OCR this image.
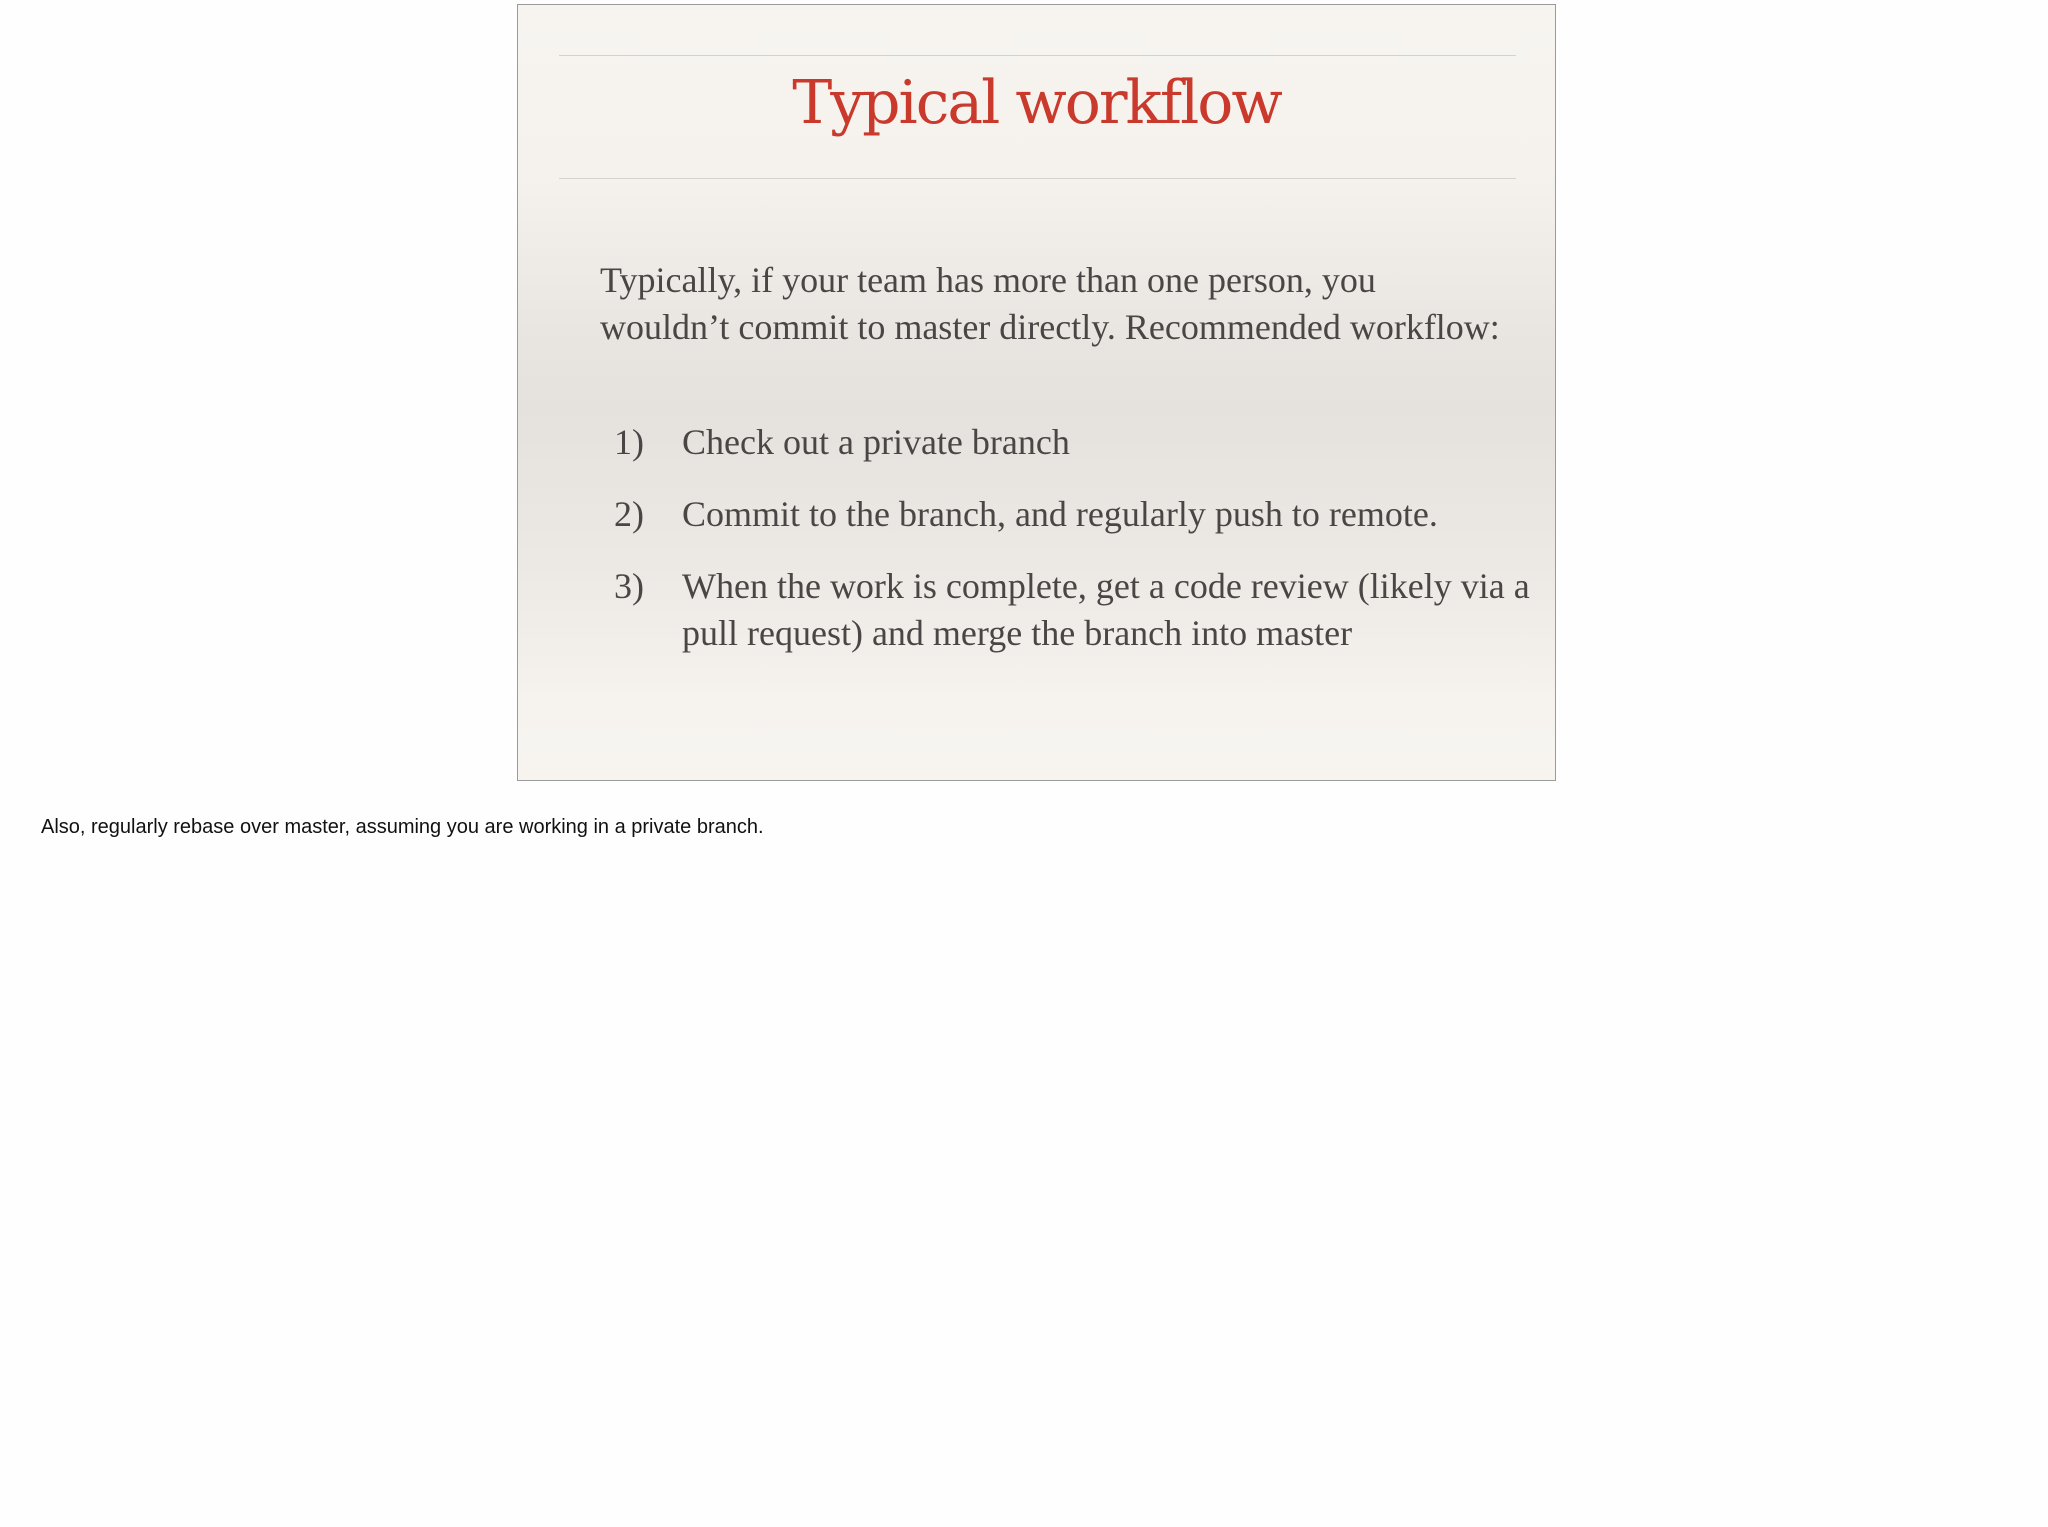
Typical workflow
Typically, if your team has more than one person, you wouldn’t commit to master directly. Recommended workflow:
1)	Check out a private branch
2)	Commit to the branch, and regularly push to remote.
3)	When the work is complete, get a code review (likely via a pull request) and merge the branch into master
Also, regularly rebase over master, assuming you are working in a private branch.
